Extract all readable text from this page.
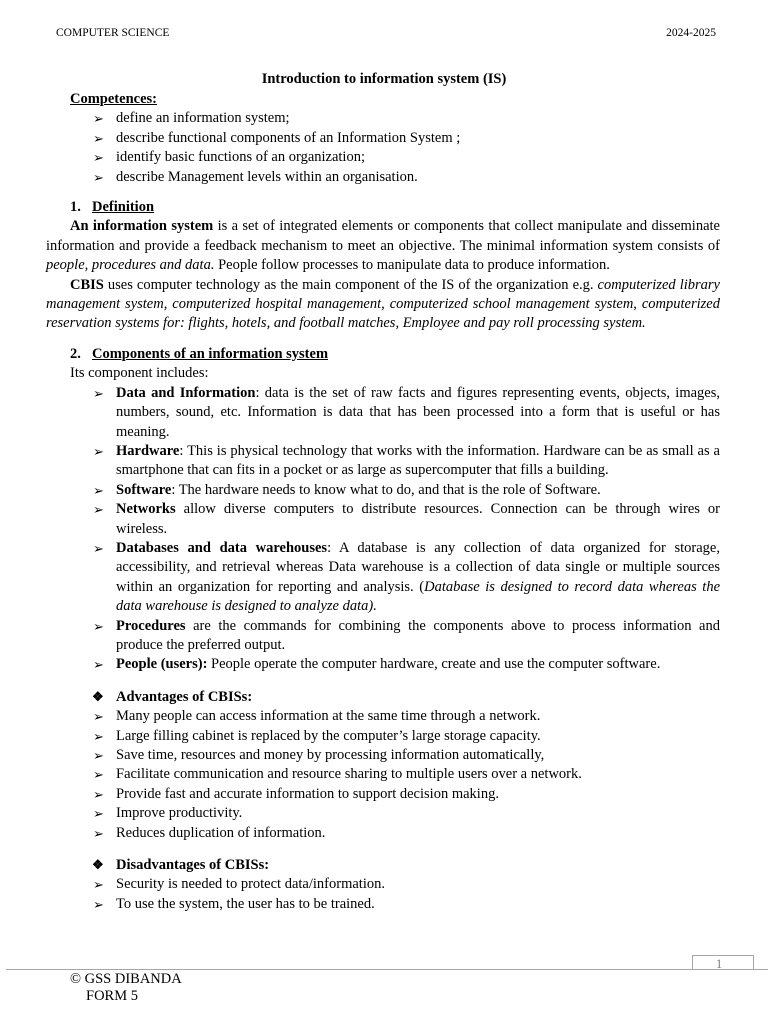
COMPUTER SCIENCE	2024-2025
Introduction to information system (IS)
Competences:
➢ define an information system;
➢ describe functional components of an Information System ;
➢ identify basic functions of an organization;
➢ describe Management levels within an organisation.
1. Definition
An information system is a set of integrated elements or components that collect manipulate and disseminate information and provide a feedback mechanism to meet an objective. The minimal information system consists of people, procedures and data. People follow processes to manipulate data to produce information.
CBIS uses computer technology as the main component of the IS of the organization e.g. computerized library management system, computerized hospital management, computerized school management system, computerized reservation systems for: flights, hotels, and football matches, Employee and pay roll processing system.
2. Components of an information system
Its component includes:
➢ Data and Information: data is the set of raw facts and figures representing events, objects, images, numbers, sound, etc. Information is data that has been processed into a form that is useful or has meaning.
➢ Hardware: This is physical technology that works with the information. Hardware can be as small as a smartphone that can fits in a pocket or as large as supercomputer that fills a building.
➢ Software: The hardware needs to know what to do, and that is the role of Software.
➢ Networks allow diverse computers to distribute resources. Connection can be through wires or wireless.
➢ Databases and data warehouses: A database is any collection of data organized for storage, accessibility, and retrieval whereas Data warehouse is a collection of data single or multiple sources within an organization for reporting and analysis. (Database is designed to record data whereas the data warehouse is designed to analyze data).
➢ Procedures are the commands for combining the components above to process information and produce the preferred output.
➢ People (users): People operate the computer hardware, create and use the computer software.
❖ Advantages of CBISs:
➢ Many people can access information at the same time through a network.
➢ Large filling cabinet is replaced by the computer’s large storage capacity.
➢ Save time, resources and money by processing information automatically,
➢ Facilitate communication and resource sharing to multiple users over a network.
➢ Provide fast and accurate information to support decision making.
➢ Improve productivity.
➢ Reduces duplication of information.
❖ Disadvantages of CBISs:
➢ Security is needed to protect data/information.
➢ To use the system, the user has to be trained.
1
© GSS DIBANDA
FORM 5
